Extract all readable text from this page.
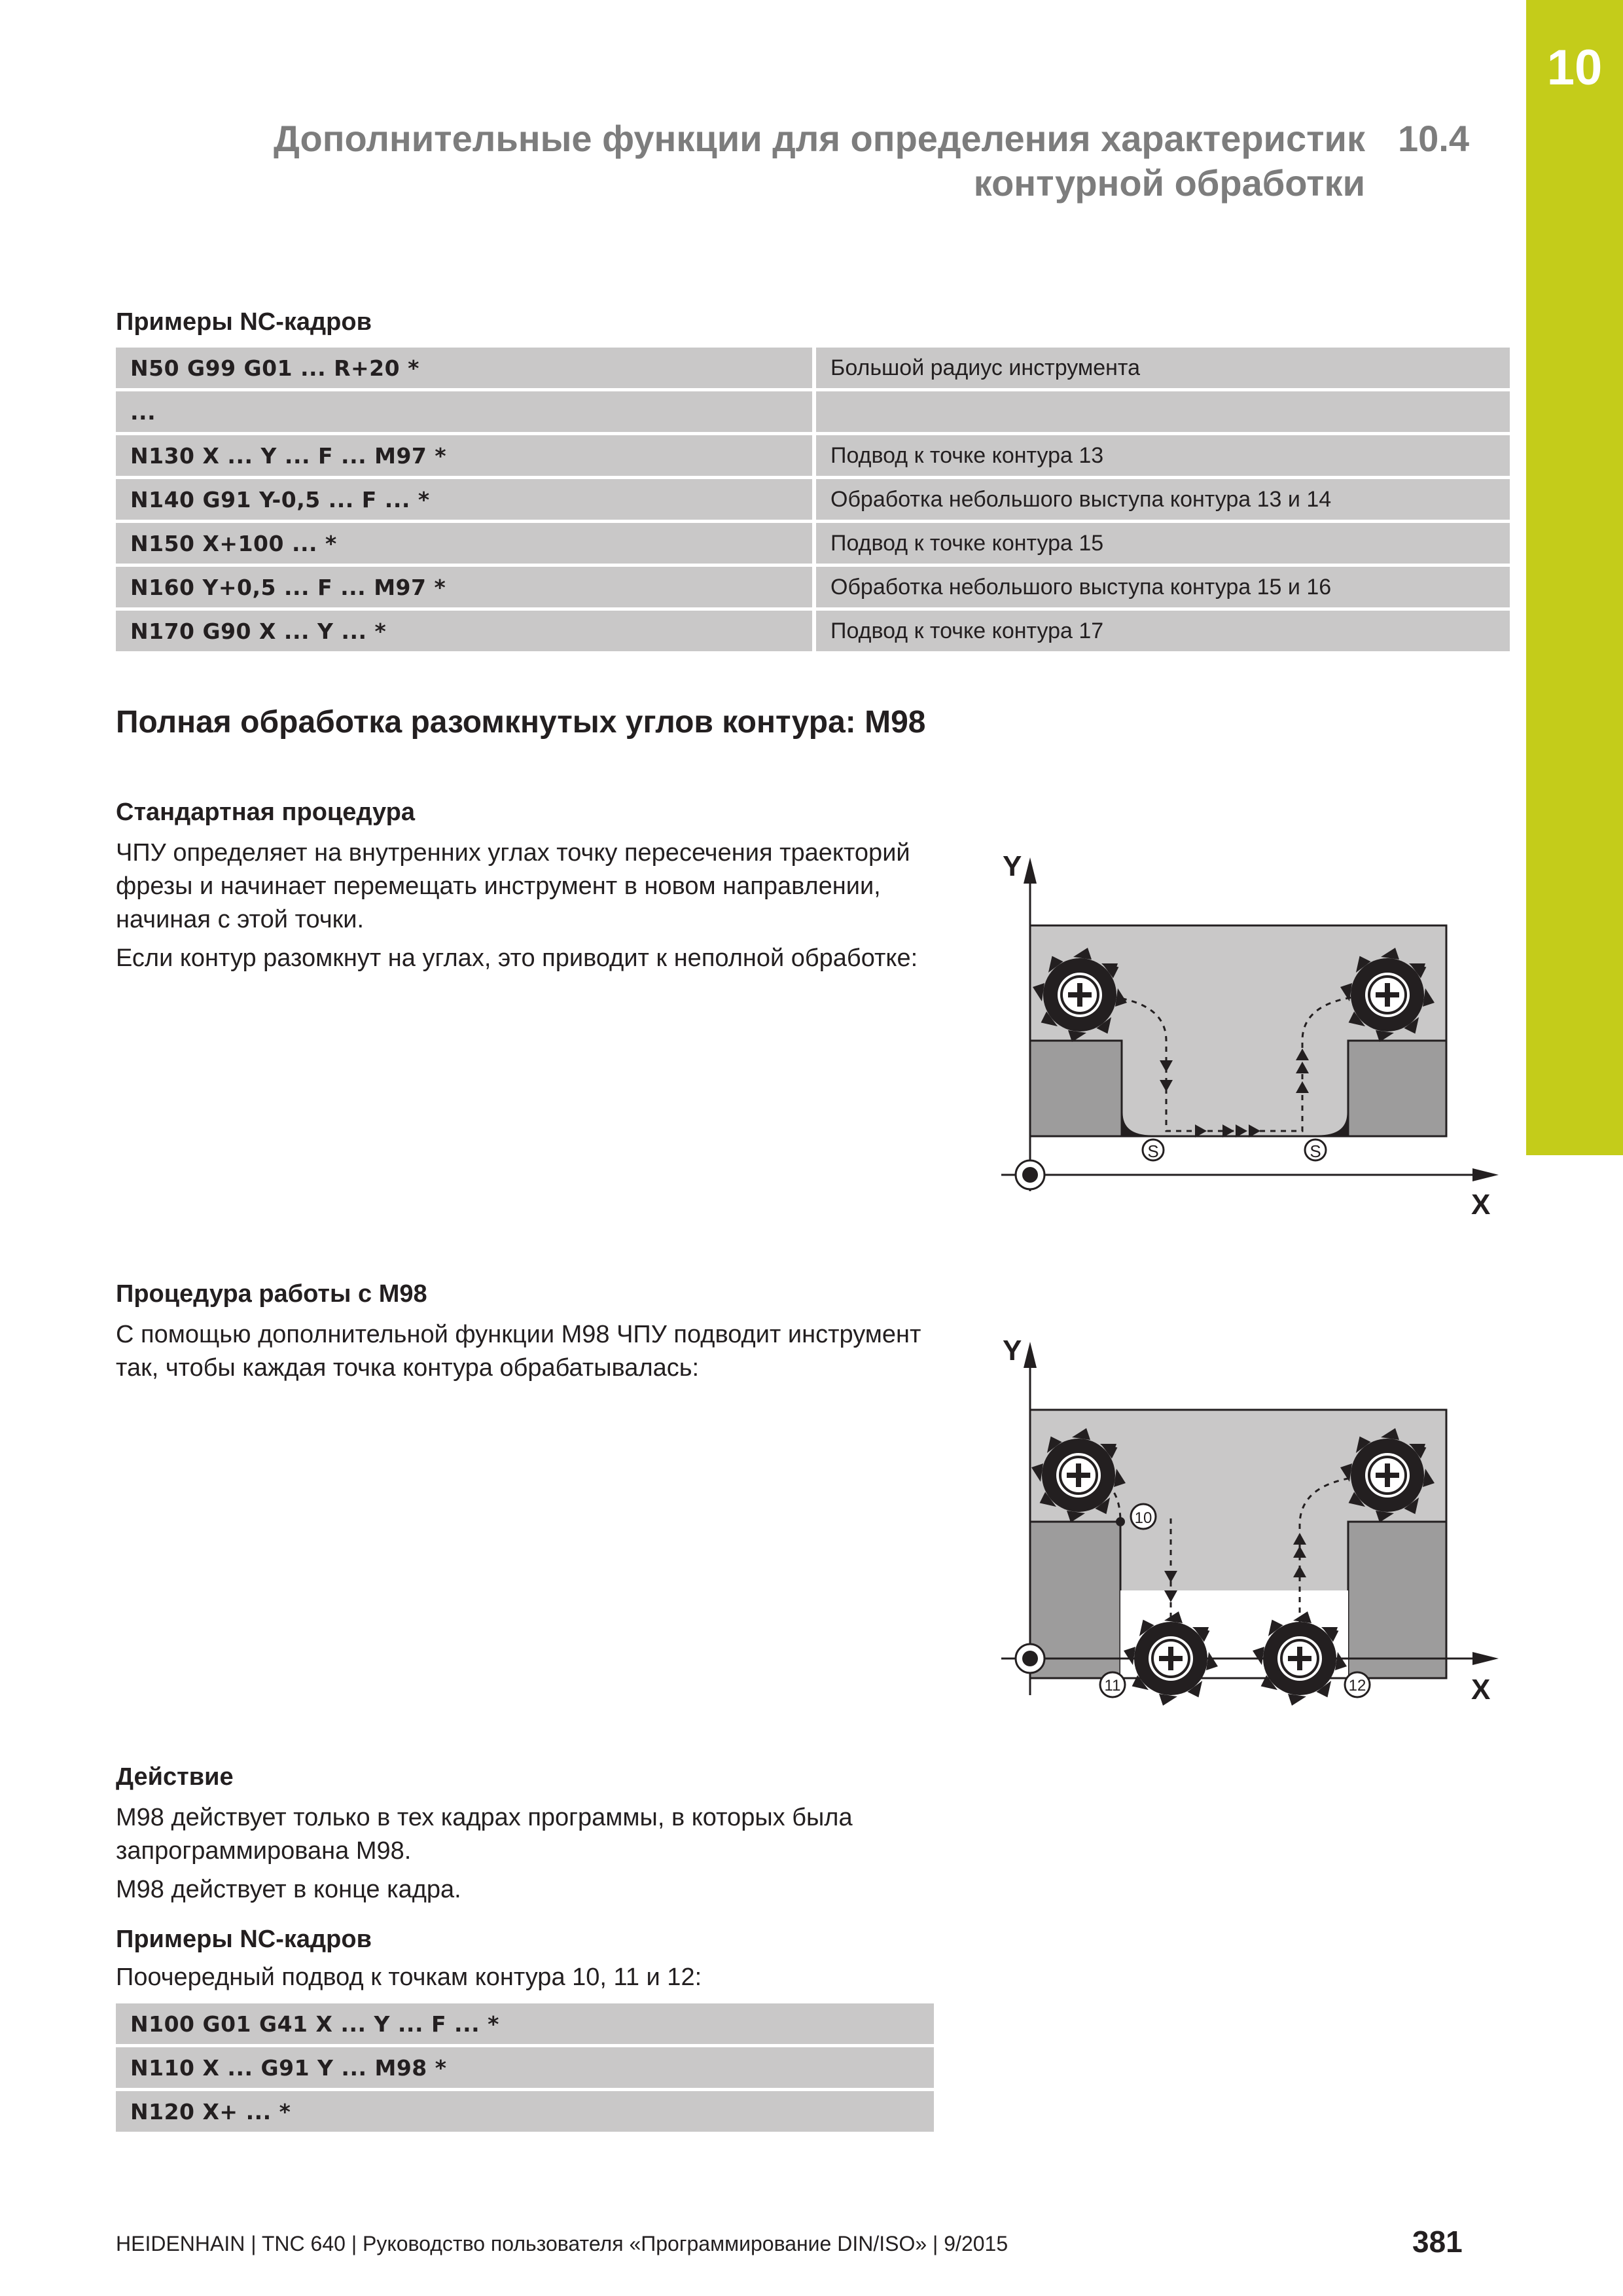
10
Дополнительные функции для определения характеристик
контурной обработки
10.4
Примеры NC-кадров
N50 G99 G01 ... R+20 *		Большой радиус инструмента
...		
N130 X ... Y ... F ... M97 *		Подвод к точке контура 13
N140 G91 Y-0,5 ... F ... *		Обработка небольшого выступа контура 13 и 14
N150 X+100 ... *		Подвод к точке контура 15
N160 Y+0,5 ... F ... M97 *		Обработка небольшого выступа контура 15 и 16
N170 G90 X ... Y ... *		Подвод к точке контура 17
Полная обработка разомкнутых углов контура: M98
Стандартная процедура

ЧПУ определяет на внутренних углах точку пересечения траекторий фрезы и начинает перемещать инструмент в новом направлении, начиная с этой точки.

Если контур разомкнут на углах, это приводит к неполной обработке:

Y
X
S	S
Процедура работы с M98

С помощью дополнительной функции M98 ЧПУ подводит инструмент так, чтобы каждая точка контура обрабатывалась:

Y
X
10
11	12
Действие

M98 действует только в тех кадрах программы, в которых была запрограммирована M98.

M98 действует в конце кадра.

Примеры NC-кадров
Поочередный подвод к точкам контура 10, 11 и 12:
N100 G01 G41 X ... Y ... F ... *
N110 X ... G91 Y ... M98 *
N120 X+ ... *
HEIDENHAIN | TNC 640 | Руководство пользователя «Программирование DIN/ISO» | 9/2015	381
